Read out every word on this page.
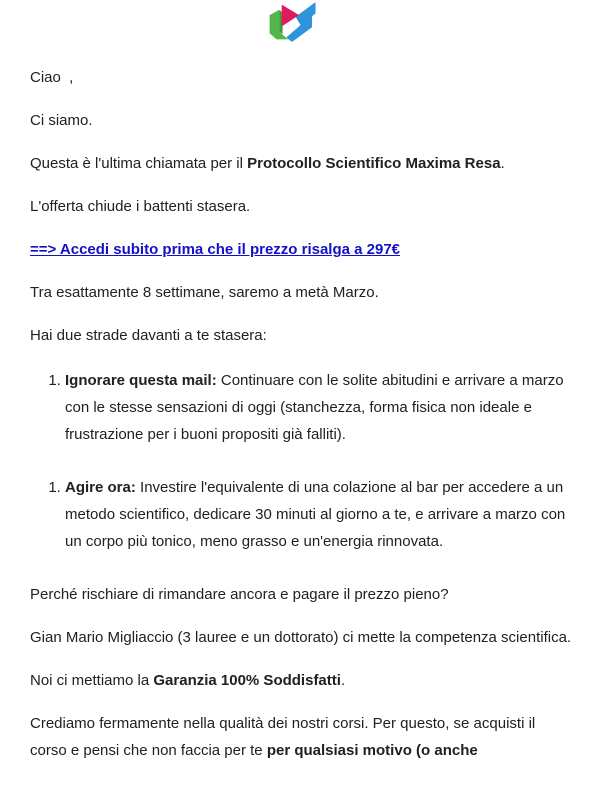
Ciao  ,

Ci siamo.

Questa è l'ultima chiamata per il Protocollo Scientifico Maxima Resa.

L'offerta chiude i battenti stasera.

==> Accedi subito prima che il prezzo risalga a 297€

Tra esattamente 8 settimane, saremo a metà Marzo.

Hai due strade davanti a te stasera:

1. Ignorare questa mail: Continuare con le solite abitudini e arrivare a marzo con le stesse sensazioni di oggi (stanchezza, forma fisica non ideale e frustrazione per i buoni propositi già falliti).
1. Agire ora: Investire l'equivalente di una colazione al bar per accedere a un metodo scientifico, dedicare 30 minuti al giorno a te, e arrivare a marzo con un corpo più tonico, meno grasso e un'energia rinnovata.

Perché rischiare di rimandare ancora e pagare il prezzo pieno?

Gian Mario Migliaccio (3 lauree e un dottorato) ci mette la competenza scientifica.

Noi ci mettiamo la Garanzia 100% Soddisfatti.

Crediamo fermamente nella qualità dei nostri corsi. Per questo, se acquisti il corso e pensi che non faccia per te per qualsiasi motivo (o anche
